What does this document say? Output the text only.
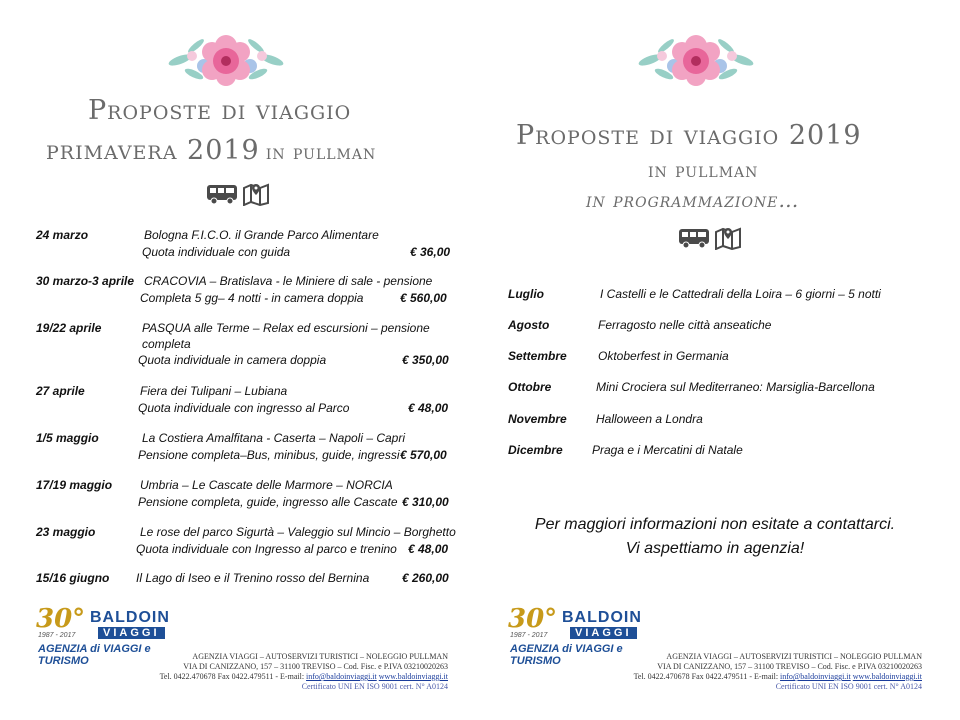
Proposte di viaggio
primavera 2019 in pullman
24 marzo	Bologna F.I.C.O. il Grande Parco Alimentare
Quota individuale con guida	€ 36,00
30 marzo-3 aprile CRACOVIA – Bratislava - le Miniere di sale - pensione
Completa 5 gg– 4 notti - in camera doppia	€ 560,00
19/22 aprile	PASQUA alle Terme – Relax ed escursioni – pensione
completa
Quota individuale in camera doppia	€ 350,00
27 aprile	Fiera dei Tulipani – Lubiana
Quota individuale con ingresso al Parco	€ 48,00
1/5 maggio	La Costiera Amalfitana - Caserta – Napoli – Capri
Pensione completa–Bus, minibus, guide, ingressi € 570,00
17/19 maggio Umbria – Le Cascate delle Marmore – NORCIA
Pensione completa, guide, ingresso alle Cascate € 310,00
23 maggio	Le rose del parco Sigurtà – Valeggio sul Mincio – Borghetto
Quota individuale con Ingresso al parco e trenino € 48,00
15/16 giugno Il Lago di Iseo e il Trenino rosso del Bernina	€ 260,00
30°
1987 - 2017
BALDOIN
VIAGGI
AGENZIA di VIAGGI e TURISMO	AGENZIA VIAGGI – AUTOSERVIZI TURISTICI – NOLEGGIO PULLMAN
VIA DI CANIZZANO, 157 – 31100 TREVISO – Cod. Fisc. e P.IVA 03210020263
Tel. 0422.470678 Fax 0422.479511 - E-mail: info@baldoinviaggi.it www.baldoinviaggi.it
Certificato UNI EN ISO 9001 cert. N° A0124
Proposte di viaggio 2019
in pullman
in programmazione…
Luglio	I Castelli e le Cattedrali della Loira – 6 giorni – 5 notti
Agosto	Ferragosto nelle città anseatiche
Settembre	Oktoberfest in Germania
Ottobre	Mini Crociera sul Mediterraneo: Marsiglia-Barcellona
Novembre Halloween a Londra
Dicembre Praga e i Mercatini di Natale
Per maggiori informazioni non esitate a contattarci.
Vi aspettiamo in agenzia!
30°
1987 - 2017
BALDOIN
VIAGGI
AGENZIA di VIAGGI e TURISMO	AGENZIA VIAGGI – AUTOSERVIZI TURISTICI – NOLEGGIO PULLMAN
VIA DI CANIZZANO, 157 – 31100 TREVISO – Cod. Fisc. e P.IVA 03210020263
Tel. 0422.470678 Fax 0422.479511 - E-mail: info@baldoinviaggi.it www.baldoinviaggi.it
Certificato UNI EN ISO 9001 cert. N° A0124
